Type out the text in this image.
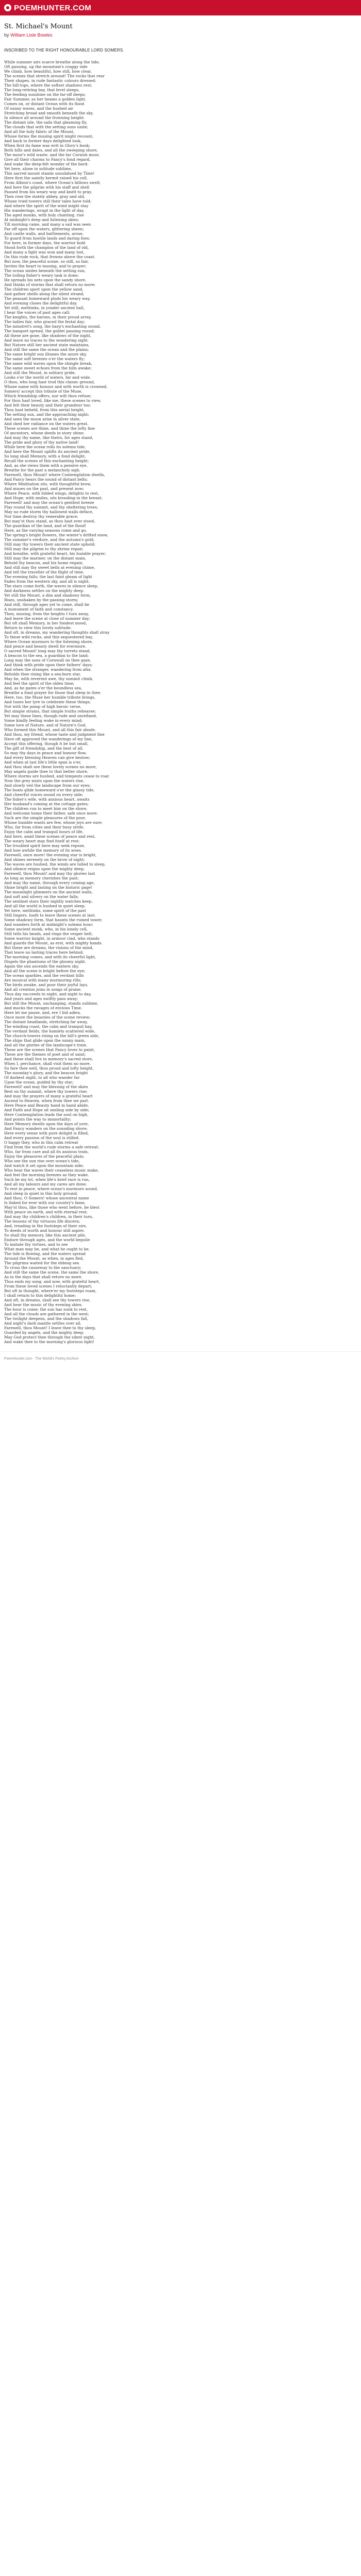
POEMHUNTER.COM
St. Michael's Mount

by William Lisle Bowles

INSCRIBED TO THE RIGHT HONOURABLE LORD SOMERS.

While summer airs scarce breathe along the tide,
Oft pausing, up the mountain's craggy side
We climb, how beautiful, how still, how clear,
The scenes that stretch around! The rocks that rear
Their shapes, in rude fantastic colours dressed:
The hill-tops, where the softest shadows rest;
The long-retiring bay, that level sleeps,
The feeding sunshine on the far-off deeps;
Fair Summer, as her beams a golden light,
Comes on, or distant Ocean with its flood
Of sunny waves, and the hushed air
Stretching broad and smooth beneath the sky,
In silence all around the frowning height:
The distant isle, the sails that gleaming fly,
The clouds that with the setting suns unite;
And all the holy fabric of the Mount,
Whose forms the musing spirit might recount,
And back to former days delighted look,
When first its fame was writ in Glory's book;
Both hills and dales, and all the sweeping shore,
The moor's wild waste, and the far Cornish moor,
Give all their charms to Fancy's fond regard,
And wake the deep-felt wonder of the bard:
Yet here, alone in solitude sublime,
This sacred mount stands unsubdued by Time!
Here first the saintly hermit raised his cell,
From Albion's coast, where Ocean's billows swell;
And here the pilgrim with his staff and shell
Paused from his weary way and knelt to pray.
Then rose the stately abbey, gray and old,
Whose ivied towers still their tales have told;
And where the spirit of the wind might stay
His wanderings, wrapt in the light of day,
The aged monks, with holy chanting, rise
At midnight's deep and listening skies;
Till morning came, and many a sail was seen
Far off upon the waters, glittering sheen;
And castle walls, and battlements, arose,
To guard from hostile lands and daring foes;
For here, in former days, the warrior bold
Stood forth the champion of the land of old,
And many a fight was won and many lost,
On this rude rock, that frowns above the coast.
But now, the peaceful scene, so still, so fair,
Invites the heart to musing, and to prayer;
The ocean smiles beneath the setting sun,
The toiling fisher's weary task is done;
He spreads his nets upon the sandy shore,
And thinks of storms that shall return no more;
The children sport upon the yellow sand,
And gather shells along the silent strand;
The peasant homeward plods his weary way,
And evening closes the delightful day.
Yet still, methinks, in yonder ancient hall,
I hear the voices of past ages call;
The knights, the barons, in their proud array,
The ladies fair, who graced the festal day;
The minstrel's song, the harp's enchanting sound,
The banquet spread, the goblet passing round;
All these are gone, like shadows of the night,
And leave no traces to the wondering sight.
But Nature still her ancient state maintains,
And still the same the ocean and the plains;
The same bright sun illumes the azure sky,
The same soft breezes o'er the waters fly;
The same wild waves upon the shingle break,
The same sweet echoes from the hills awake;
And still the Mount, in solitary pride,
Looks o'er the world of waters, far and wide.
O thou, who long hast trod this classic ground,
Whose name with honour and with worth is crowned,
Somers! accept this tribute of the Muse,
Which friendship offers, nor wilt thou refuse;
For thou hast loved, like me, these scenes to view,
And felt their beauty and their grandeur too;
Thou hast beheld, from this aerial height,
The setting sun, and the approaching night;
And seen the moon arise in silver state,
And shed her radiance on the waters great.
These scenes are thine, and thine the lofty line
Of ancestors, whose deeds in story shine;
And may thy name, like theirs, for ages stand,
The pride and glory of thy native land!
While here the ocean rolls its solemn tide,
And here the Mount uplifts its ancient pride,
So long shall Memory, with a fond delight,
Recall the scenes of this enchanting height;
And, as she views them with a pensive eye,
Breathe for the past a melancholy sigh.
Farewell, thou Mount! where Contemplation dwells,
And Fancy hears the sound of distant bells;
Where Meditation sits, with thoughtful brow,
And muses on the past, and present now;
Where Peace, with folded wings, delights to rest,
And Hope, with smiles, sits brooding in the breast;
Farewell! and may the ocean's gentlest breeze
Play round thy summit, and thy sheltering trees;
May no rude storm thy hallowed walls deface,
Nor time destroy thy venerable grace;
But may'st thou stand, as thou hast ever stood,
The guardian of the land, and of the flood!
Here, as the varying seasons come and go,
The spring's bright flowers, the winter's drifted snow,
The summer's verdure, and the autumn's gold,
Still may thy towers their ancient state uphold;
Still may the pilgrim to thy shrine repair,
And breathe, with grateful heart, his humble prayer;
Still may the mariner, on the distant main,
Behold thy beacon, and his home regain;
And still may thy sweet bells at evening chime,
And tell the traveller of the flight of time.
The evening falls; the last faint gleam of light
Fades from the western sky, and all is night;
The stars come forth, the waves in silence sleep,
And darkness settles on the mighty deep.
Yet still the Mount, a dim and shadowy form,
Rises, unshaken by the passing storm;
And still, through ages yet to come, shall be
A monument of faith and constancy.
Then, musing, from the heights I turn away,
And leave the scene at close of summer day;
But oft shall Memory, in her fondest mood,
Return to view this lovely solitude;
And oft, in dreams, my wandering thoughts shall stray
To these wild rocks, and this sequestered bay,
Where Ocean murmurs to the listening shore,
And peace and beauty dwell for evermore.
O sacred Mount! long may thy turrets stand,
A beacon to the sea, a guardian to the land;
Long may the sons of Cornwall on thee gaze,
And think with pride upon their fathers' days;
And when the stranger, wandering from afar,
Beholds thee rising like a sea-born star,
May he, with reverent awe, thy summit climb,
And feel the spirit of the olden time;
And, as he gazes o'er the boundless sea,
Breathe a fond prayer for those that sleep in thee.
Here, too, the Muse her humble tribute brings,
And tunes her lyre to celebrate these things;
Not with the pomp of high heroic verse,
But simple strains, that simple truths rehearse;
Yet may these lines, though rude and unrefined,
Some kindly feeling wake in every mind;
Some love of Nature, and of Nature's God,
Who formed this Mount, and all this fair abode.
And thou, my friend, whose taste and judgment fine
Have oft approved the wanderings of my line,
Accept this offering, though it be but small,
The gift of friendship, and the best of all.
So may thy days in peace and honour flow,
And every blessing Heaven can give bestow;
And when at last life's little span is o'er,
And thou shalt see these lovely scenes no more,
May angels guide thee to that better shore,
Where storms are hushed, and tempests cease to roar.
Now the grey mists upon the waters rise,
And slowly veil the landscape from our eyes;
The boats glide homeward o'er the glassy tide,
And cheerful voices sound on every side;
The fisher's wife, with anxious heart, awaits
Her husband's coming at the cottage gates;
The children run to meet him on the shore,
And welcome home their father, safe once more.
Such are the simple pleasures of the poor,
Whose humble wants are few, whose joys are sure;
Who, far from cities and their busy strife,
Enjoy the calm and tranquil hours of life.
And here, amid these scenes of peace and rest,
The weary heart may find itself at rest;
The troubled spirit here may seek repose,
And lose awhile the memory of its woes.
Farewell, once more! the evening star is bright,
And shines serenely on the brow of night;
The waves are hushed, the winds are lulled to sleep,
And silence reigns upon the mighty deep;
Farewell, thou Mount! and may thy glories last
As long as memory cherishes the past;
And may thy name, through every coming age,
Shine bright and lasting on the historic page!
The moonlight glimmers on the ancient walls,
And soft and silvery on the water falls;
The sentinel stars their nightly watches keep,
And all the world is hushed in quiet sleep.
Yet here, methinks, some spirit of the past
Still lingers, loath to leave these scenes at last;
Some shadowy form, that haunts the ruined tower,
And wanders forth at midnight's solemn hour;
Some ancient monk, who, in his lonely cell,
Still tells his beads, and rings the vesper bell;
Some warrior knight, in armour clad, who stands
And guards the Mount, as erst, with mighty hands.
But these are dreams, the visions of the mind,
That leave no lasting traces here behind;
The morning comes, and with its cheerful light,
Dispels the phantoms of the gloomy night.
Again the sun ascends the eastern sky,
And all the scene is bright before the eye;
The ocean sparkles, and the verdant hills
Are musical with many murmuring rills;
The birds awake, and pour their joyful lays,
And all creation joins in songs of praise.
Thus day succeeds to night, and night to day,
And years and ages swiftly pass away;
But still the Mount, unchanging, stands sublime,
And mocks the ravages of envious Time.
Here let me pause, and, ere I bid adieu,
Once more the beauties of the scene review;
The distant headlands, stretching far away,
The winding coast, the calm and tranquil bay,
The verdant fields, the hamlets scattered wide,
The church-towers rising on the hill's green side,
The ships that glide upon the sunny main,
And all the glories of the landscape's train.
These are the scenes that Fancy loves to paint,
These are the themes of poet and of saint;
And these shall live in memory's sacred store,
When I, perchance, shall visit them no more.
So fare thee well, thou proud and lofty height,
The noonday's glory, and the beacon bright
Of darkest night, to all who wander far
Upon the ocean, guided by thy star;
Farewell! and may the blessing of the skies
Rest on thy summit, where thy towers rise;
And may the prayers of many a grateful heart
Ascend to Heaven, when from thee we part.
Here Peace and Beauty hand in hand abide,
And Faith and Hope sit smiling side by side;
Here Contemplation leads the soul on high,
And points the way to immortality;
Here Memory dwells upon the days of yore,
And Fancy wanders on the sounding shore;
Here every sense with pure delight is filled,
And every passion of the soul is stilled.
O happy they, who in this calm retreat
Find from the world's rude storms a safe retreat;
Who, far from care and all its anxious train,
Enjoy the pleasures of the peaceful plain;
Who see the sun rise over ocean's tide,
And watch it set upon the mountain side;
Who hear the waves their ceaseless music make,
And feel the morning breezes as they wake.
Such be my lot, when life's brief race is run,
And all my labours and my cares are done;
To rest in peace, where ocean's murmurs sound,
And sleep in quiet in this holy ground.
And thou, O Somers! whose ancestral name
Is linked for ever with our country's fame,
May'st thou, like those who went before, be blest
With peace on earth, and with eternal rest;
And may thy children's children, in their turn,
The lessons of thy virtuous life discern;
And, treading in the footsteps of their sire,
To deeds of worth and honour still aspire.
So shall thy memory, like this ancient pile,
Endure through ages, and the world beguile
To imitate thy virtues, and to see
What man may be, and what he ought to be.
The tide is flowing, and the waters spread
Around the Mount, as when, in ages fled,
The pilgrims waited for the ebbing sea
To cross the causeway to the sanctuary;
And still the same the scene, the same the shore,
As in the days that shall return no more.
Thus ends my song; and now, with grateful heart,
From these loved scenes I reluctantly depart;
But oft in thought, where'er my footsteps roam,
I shall return to this delightful home;
And oft, in dreams, shall see thy towers rise,
And hear the music of thy evening skies.
The hour is come; the sun has sunk to rest,
And all the clouds are gathered in the west;
The twilight deepens, and the shadows fall,
And night's dark mantle settles over all.
Farewell, thou Mount! I leave thee to thy sleep,
Guarded by angels, and the mighty deep;
May God protect thee through the silent night,
And wake thee to the morning's glorious light!
PoemHunter.com - The World's Poetry Archive
